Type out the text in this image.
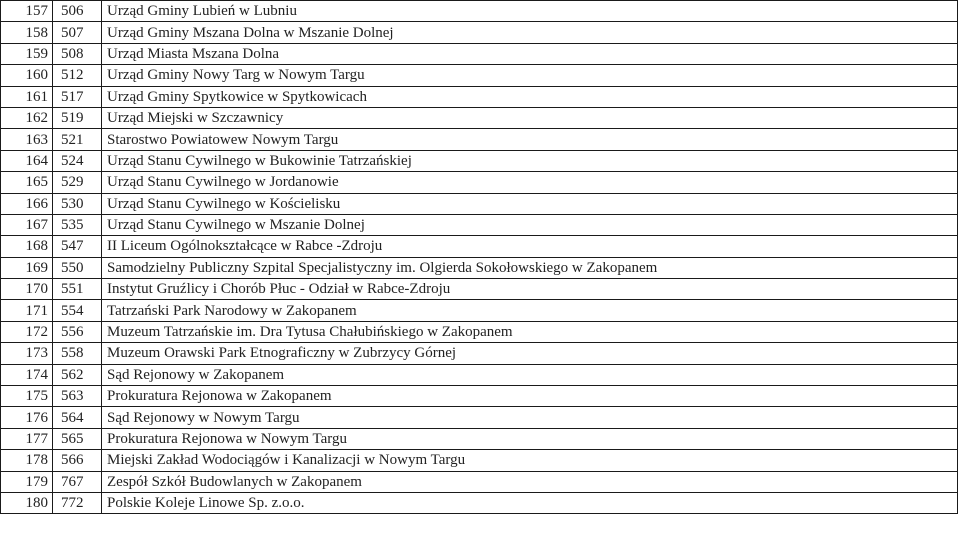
157	506	Urząd Gminy Lubień w Lubniu
158	507	Urząd Gminy Mszana Dolna w Mszanie Dolnej
159	508	Urząd Miasta Mszana Dolna
160	512	Urząd Gminy Nowy Targ w Nowym Targu
161	517	Urząd Gminy Spytkowice w Spytkowicach
162	519	Urząd Miejski w Szczawnicy
163	521	Starostwo Powiatowew Nowym Targu
164	524	Urząd Stanu Cywilnego w Bukowinie Tatrzańskiej
165	529	Urząd Stanu Cywilnego w Jordanowie
166	530	Urząd Stanu Cywilnego w Kościelisku
167	535	Urząd Stanu Cywilnego w Mszanie Dolnej
168	547	II Liceum Ogólnokształcące w Rabce -Zdroju
169	550	Samodzielny Publiczny Szpital Specjalistyczny im. Olgierda Sokołowskiego w Zakopanem
170	551	Instytut Gruźlicy i Chorób Płuc - Odział w Rabce-Zdroju
171	554	Tatrzański Park Narodowy w Zakopanem
172	556	Muzeum Tatrzańskie im. Dra Tytusa Chałubińskiego w Zakopanem
173	558	Muzeum Orawski Park Etnograficzny w Zubrzycy Górnej
174	562	Sąd Rejonowy w Zakopanem
175	563	Prokuratura Rejonowa w Zakopanem
176	564	Sąd Rejonowy w Nowym Targu
177	565	Prokuratura Rejonowa w Nowym Targu
178	566	Miejski Zakład Wodociągów i Kanalizacji w Nowym Targu
179	767	Zespół Szkół Budowlanych w Zakopanem
180	772	Polskie Koleje Linowe Sp. z.o.o.
